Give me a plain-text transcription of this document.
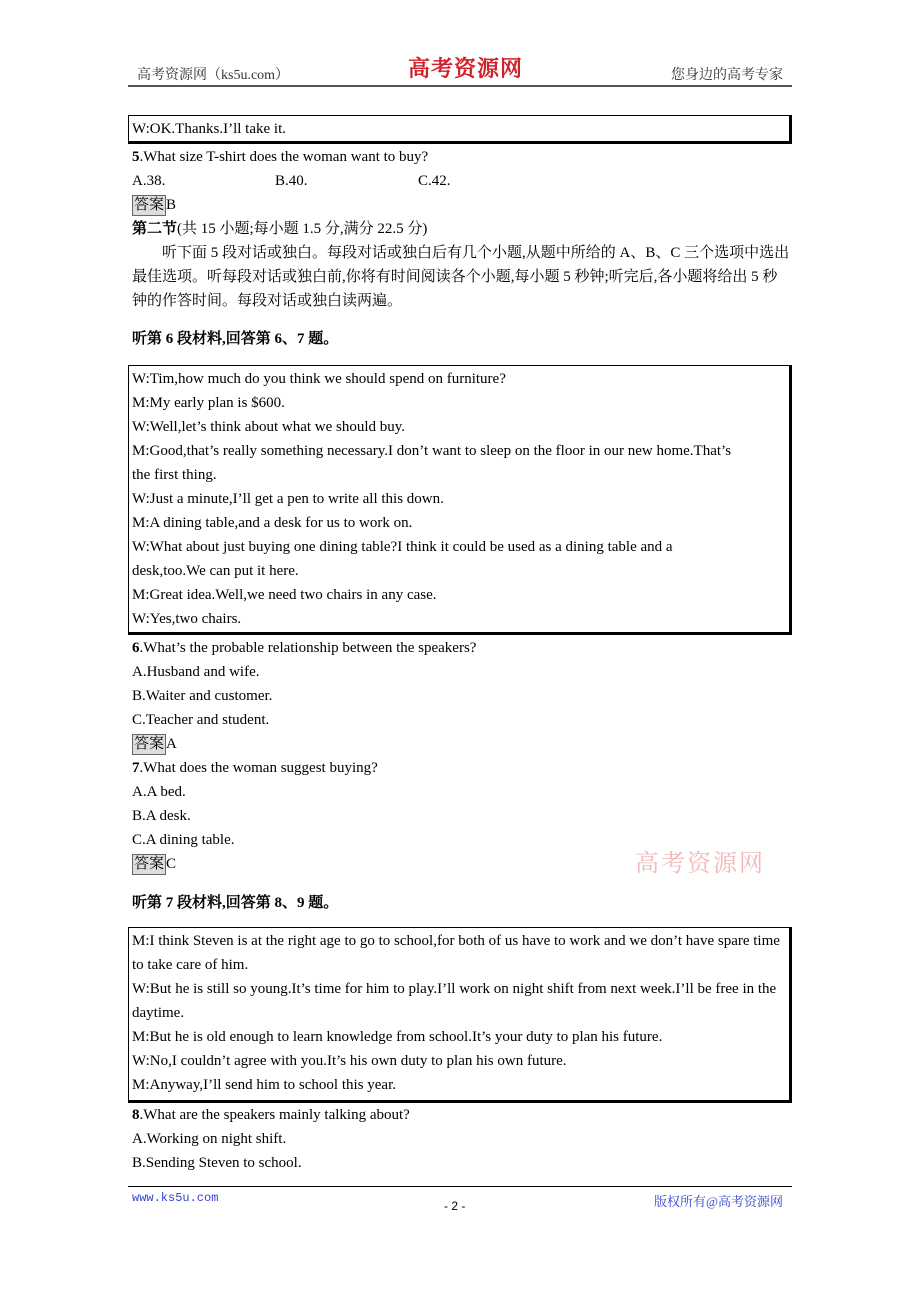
高考资源网（ks5u.com）	高考资源网	您身边的高考专家
W:OK.Thanks.I’ll take it.
5.What size T-shirt does the woman want to buy?
A.38.	B.40.	C.42.
答案 B
第二节(共 15 小题;每小题 1.5 分,满分 22.5 分)
听下面 5 段对话或独白。每段对话或独白后有几个小题,从题中所给的 A、B、C 三个选项中选出最佳选项。听每段对话或独白前,你将有时间阅读各个小题,每小题 5 秒钟;听完后,各小题将给出 5 秒钟的作答时间。每段对话或独白读两遍。
听第 6 段材料,回答第 6、7 题。
W:Tim,how much do you think we should spend on furniture?
M:My early plan is $600.
W:Well,let’s think about what we should buy.
M:Good,that’s really something necessary.I don’t want to sleep on the floor in our new home.That’s the first thing.
W:Just a minute,I’ll get a pen to write all this down.
M:A dining table,and a desk for us to work on.
W:What about just buying one dining table?I think it could be used as a dining table and a desk,too.We can put it here.
M:Great idea.Well,we need two chairs in any case.
W:Yes,two chairs.
6.What’s the probable relationship between the speakers?
A.Husband and wife.
B.Waiter and customer.
C.Teacher and student.
答案 A
7.What does the woman suggest buying?
A.A bed.
B.A desk.
C.A dining table.
答案 C	高考资源网
听第 7 段材料,回答第 8、9 题。
M:I think Steven is at the right age to go to school,for both of us have to work and we don’t have spare time to take care of him.
W:But he is still so young.It’s time for him to play.I’ll work on night shift from next week.I’ll be free in the daytime.
M:But he is old enough to learn knowledge from school.It’s your duty to plan his future.
W:No,I couldn’t agree with you.It’s his own duty to plan his own future.
M:Anyway,I’ll send him to school this year.
8.What are the speakers mainly talking about?
A.Working on night shift.
B.Sending Steven to school.
www.ks5u.com
- 2 -	版权所有@高考资源网
